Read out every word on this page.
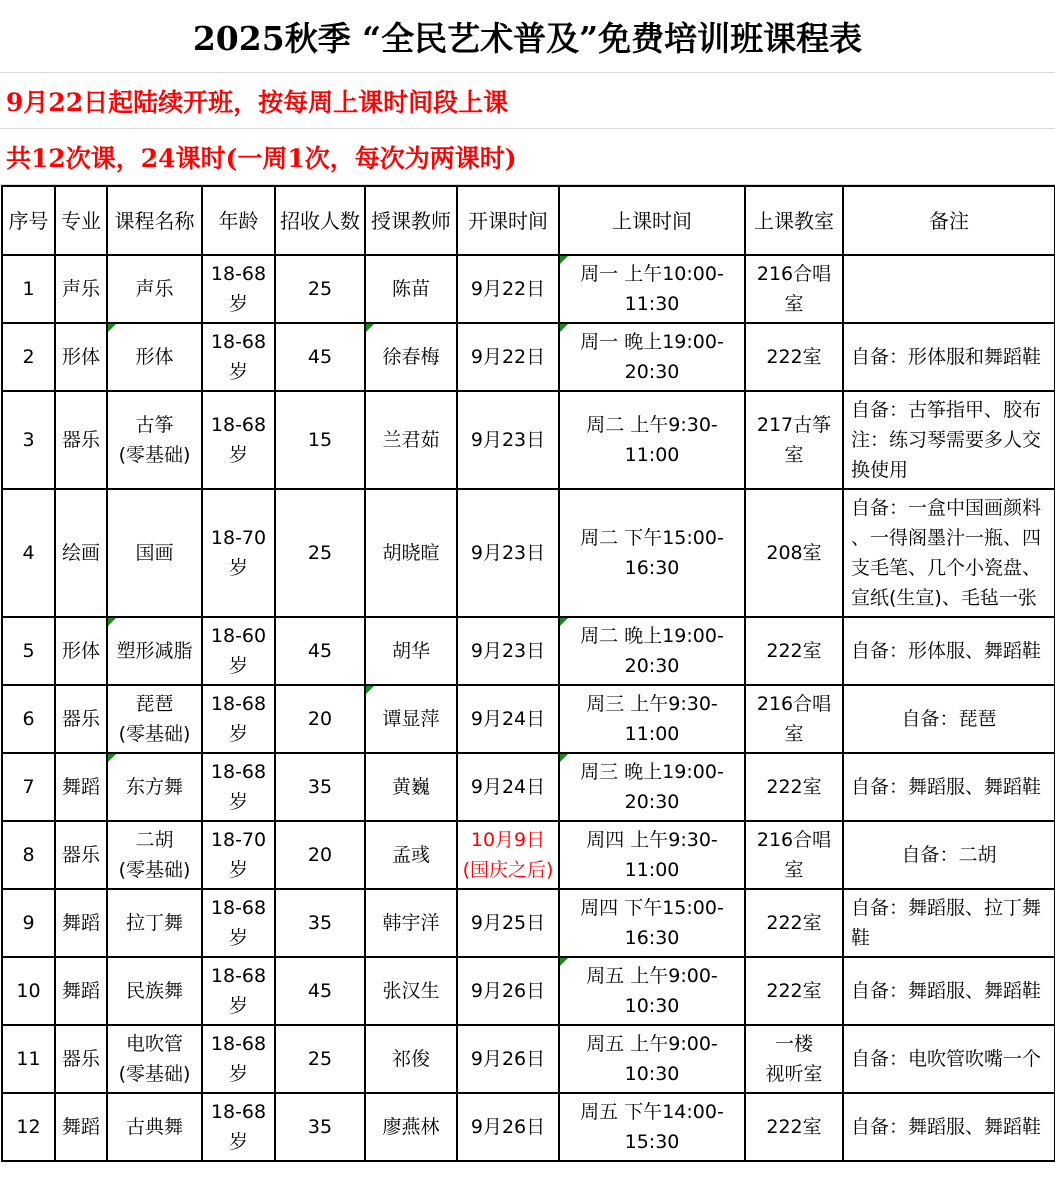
2025秋季 “全民艺术普及”免费培训班课程表
9月22日起陆续开班，按每周上课时间段上课
共12次课，24课时(一周1次，每次为两课时)
序号	专业	课程名称	年龄	招收人数	授课教师	开课时间	上课时间	上课教室	备注
1	声乐	声乐	18-68
岁	25	陈苗	9月22日	周一 上午10:00-
11:30	216合唱
室	
2	形体	形体	18-68
岁	45	徐春梅	9月22日	周一 晚上19:00-
20:30	222室	自备：形体服和舞蹈鞋
3	器乐	古筝
(零基础)	18-68
岁	15	兰君茹	9月23日	周二 上午9:30-
11:00	217古筝
室	自备：古筝指甲、胶布
注：练习琴需要多人交
换使用
4	绘画	国画	18-70
岁	25	胡晓暄	9月23日	周二 下午15:00-
16:30	208室	自备：一盒中国画颜料
、一得阁墨汁一瓶、四
支毛笔、几个小瓷盘、
宣纸(生宣)、毛毡一张
5	形体	塑形减脂	18-60
岁	45	胡华	9月23日	周二 晚上19:00-
20:30	222室	自备：形体服、舞蹈鞋
6	器乐	琵琶
(零基础)	18-68
岁	20	谭显萍	9月24日	周三 上午9:30-
11:00	216合唱
室	自备：琵琶
7	舞蹈	东方舞	18-68
岁	35	黄巍	9月24日	周三 晚上19:00-
20:30	222室	自备：舞蹈服、舞蹈鞋
8	器乐	二胡
(零基础)	18-70
岁	20	孟彧	10月9日
(国庆之后)	周四 上午9:30-
11:00	216合唱
室	自备：二胡
9	舞蹈	拉丁舞	18-68
岁	35	韩宇洋	9月25日	周四 下午15:00-
16:30	222室	自备：舞蹈服、拉丁舞
鞋
10	舞蹈	民族舞	18-68
岁	45	张汉生	9月26日	周五 上午9:00-
10:30	222室	自备：舞蹈服、舞蹈鞋
11	器乐	电吹管
(零基础)	18-68
岁	25	祁俊	9月26日	周五 上午9:00-
10:30	一楼
视听室	自备：电吹管吹嘴一个
12	舞蹈	古典舞	18-68
岁	35	廖燕林	9月26日	周五 下午14:00-
15:30	222室	自备：舞蹈服、舞蹈鞋
